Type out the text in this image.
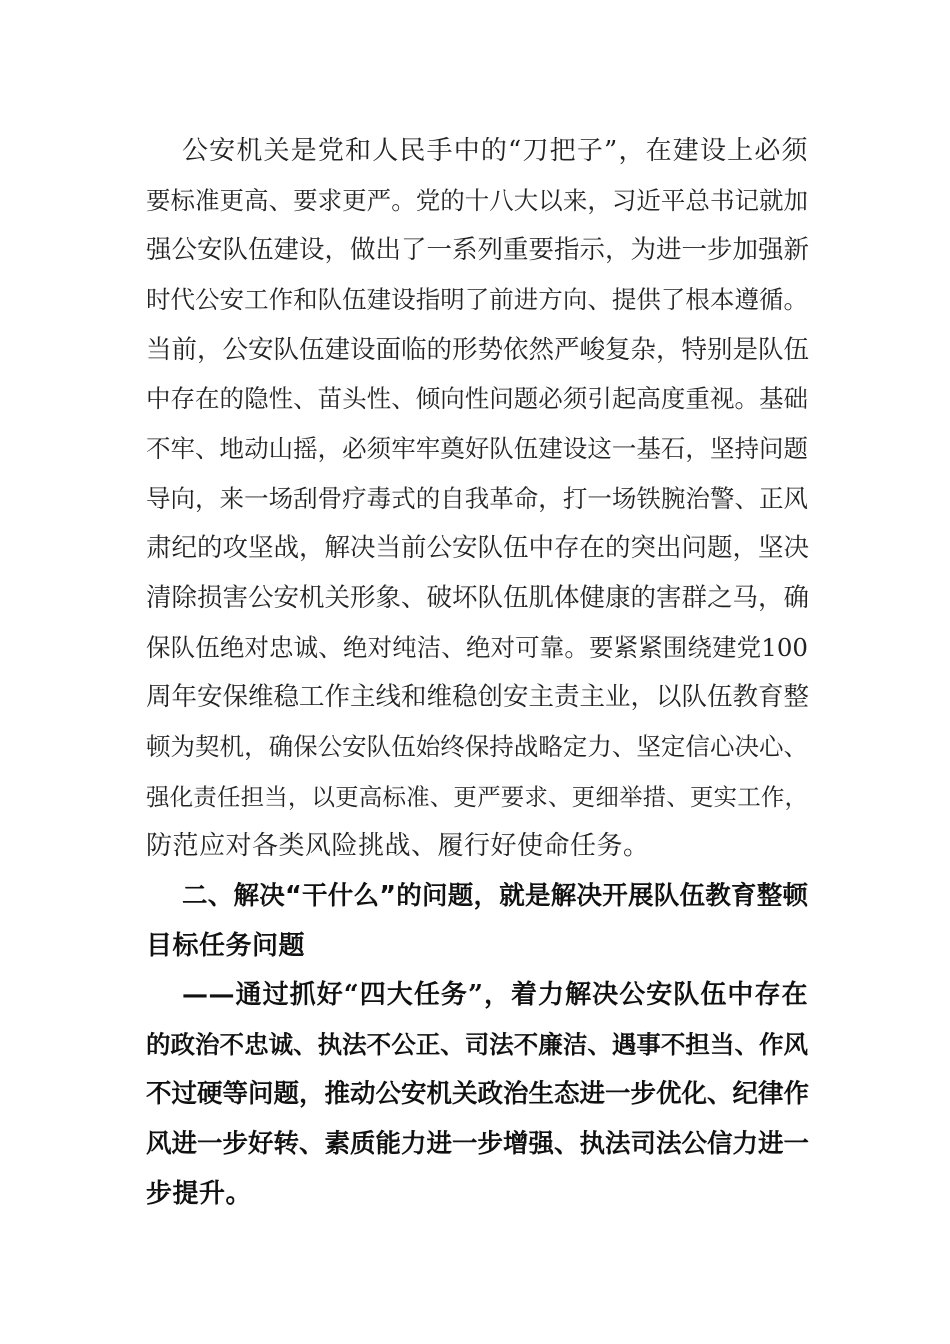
公安机关是党和人民手中的“刀把子”，在建设上必须
要标准更高、要求更严。党的十八大以来，习近平总书记就加
强公安队伍建设，做出了一系列重要指示，为进一步加强新
时代公安工作和队伍建设指明了前进方向、提供了根本遵循。
当前，公安队伍建设面临的形势依然严峻复杂，特别是队伍
中存在的隐性、苗头性、倾向性问题必须引起高度重视。基础
不牢、地动山摇，必须牢牢奠好队伍建设这一基石，坚持问题
导向，来一场刮骨疗毒式的自我革命，打一场铁腕治警、正风
肃纪的攻坚战，解决当前公安队伍中存在的突出问题，坚决
清除损害公安机关形象、破坏队伍肌体健康的害群之马，确
保队伍绝对忠诚、绝对纯洁、绝对可靠。要紧紧围绕建党100
周年安保维稳工作主线和维稳创安主责主业，以队伍教育整
顿为契机，确保公安队伍始终保持战略定力、坚定信心决心、
强化责任担当，以更高标准、更严要求、更细举措、更实工作，
防范应对各类风险挑战、履行好使命任务。
二、解决“干什么”的问题，就是解决开展队伍教育整顿
目标任务问题
——通过抓好“四大任务”，着力解决公安队伍中存在
的政治不忠诚、执法不公正、司法不廉洁、遇事不担当、作风
不过硬等问题，推动公安机关政治生态进一步优化、纪律作
风进一步好转、素质能力进一步增强、执法司法公信力进一
步提升。
